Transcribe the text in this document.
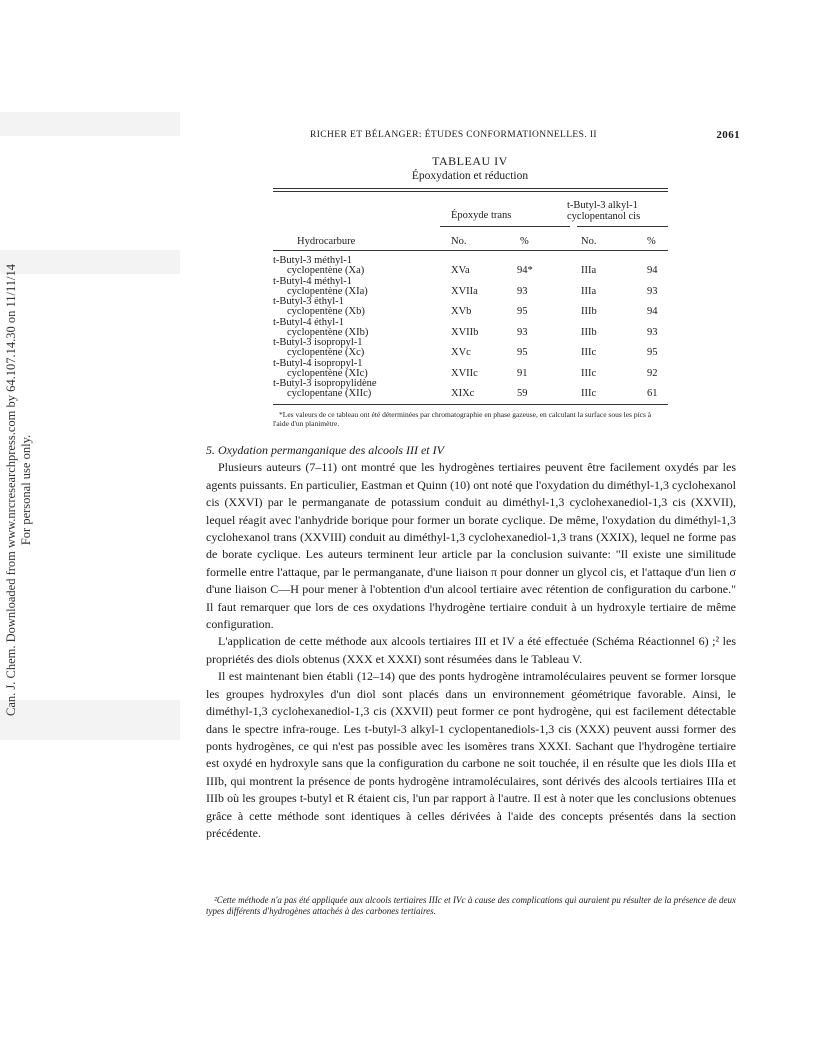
Can. J. Chem. Downloaded from www.nrcresearchpress.com by 64.107.14.30 on 11/11/14 For personal use only.
RICHER ET BÉLANGER: ÉTUDES CONFORMATIONNELLES. II	2061
TABLEAU IV
Époxydation et réduction
Époxyde trans
t-Butyl-3 alkyl-1
cyclopentanol cis
Hydrocarbure	No.	%	No.	%
t-Butyl-3 méthyl-1
cyclopentène (Xa)	XVa	94*	IIIa	94
t-Butyl-4 méthyl-1
cyclopentène (XIa)	XVIIa	93	IIIa	93
t-Butyl-3 éthyl-1
cyclopentène (Xb)	XVb	95	IIIb	94
t-Butyl-4 éthyl-1
cyclopentène (XIb)	XVIIb	93	IIIb	93
t-Butyl-3 isopropyl-1
cyclopentène (Xc)	XVc	95	IIIc	95
t-Butyl-4 isopropyl-1
cyclopentène (XIc)	XVIIc	91	IIIc	92
t-Butyl-3 isopropylidène
cyclopentane (XIIc)	XIXc	59	IIIc	61
*Les valeurs de ce tableau ont été déterminées par chromatographie en phase gazeuse, en calculant la surface sous les pics à l'aide d'un planimètre.

5. Oxydation permanganique des alcools III et IV

Plusieurs auteurs (7–11) ont montré que les hydrogènes tertiaires peuvent être facilement oxydés par les agents puissants. En particulier, Eastman et Quinn (10) ont noté que l'oxydation du diméthyl-1,3 cyclohexanol cis (XXVI) par le permanganate de potassium conduit au diméthyl-1,3 cyclohexanediol-1,3 cis (XXVII), lequel réagit avec l'anhydride borique pour former un borate cyclique. De même, l'oxydation du diméthyl-1,3 cyclohexanol trans (XXVIII) conduit au diméthyl-1,3 cyclohexanediol-1,3 trans (XXIX), lequel ne forme pas de borate cyclique. Les auteurs terminent leur article par la conclusion suivante: "Il existe une similitude formelle entre l'attaque, par le permanganate, d'une liaison π pour donner un glycol cis, et l'attaque d'un lien σ d'une liaison C—H pour mener à l'obtention d'un alcool tertiaire avec rétention de configuration du carbone." Il faut remarquer que lors de ces oxydations l'hydrogène tertiaire conduit à un hydroxyle tertiaire de même configuration.

L'application de cette méthode aux alcools tertiaires III et IV a été effectuée (Schéma Réactionnel 6) ;² les propriétés des diols obtenus (XXX et XXXI) sont résumées dans le Tableau V.

Il est maintenant bien établi (12–14) que des ponts hydrogène intramoléculaires peuvent se former lorsque les groupes hydroxyles d'un diol sont placés dans un environnement géométrique favorable. Ainsi, le diméthyl-1,3 cyclohexanediol-1,3 cis (XXVII) peut former ce pont hydrogène, qui est facilement détectable dans le spectre infra-rouge. Les t-butyl-3 alkyl-1 cyclopentanediols-1,3 cis (XXX) peuvent aussi former des ponts hydrogènes, ce qui n'est pas possible avec les isomères trans XXXI. Sachant que l'hydrogène tertiaire est oxydé en hydroxyle sans que la configuration du carbone ne soit touchée, il en résulte que les diols IIIa et IIIb, qui montrent la présence de ponts hydrogène intramoléculaires, sont dérivés des alcools tertiaires IIIa et IIIb où les groupes t-butyl et R étaient cis, l'un par rapport à l'autre. Il est à noter que les conclusions obtenues grâce à cette méthode sont identiques à celles dérivées à l'aide des concepts présentés dans la section précédente.

²Cette méthode n'a pas été appliquée aux alcools tertiaires IIIc et IVc à cause des complications qui auraient pu résulter de la présence de deux types différents d'hydrogènes attachés à des carbones tertiaires.
